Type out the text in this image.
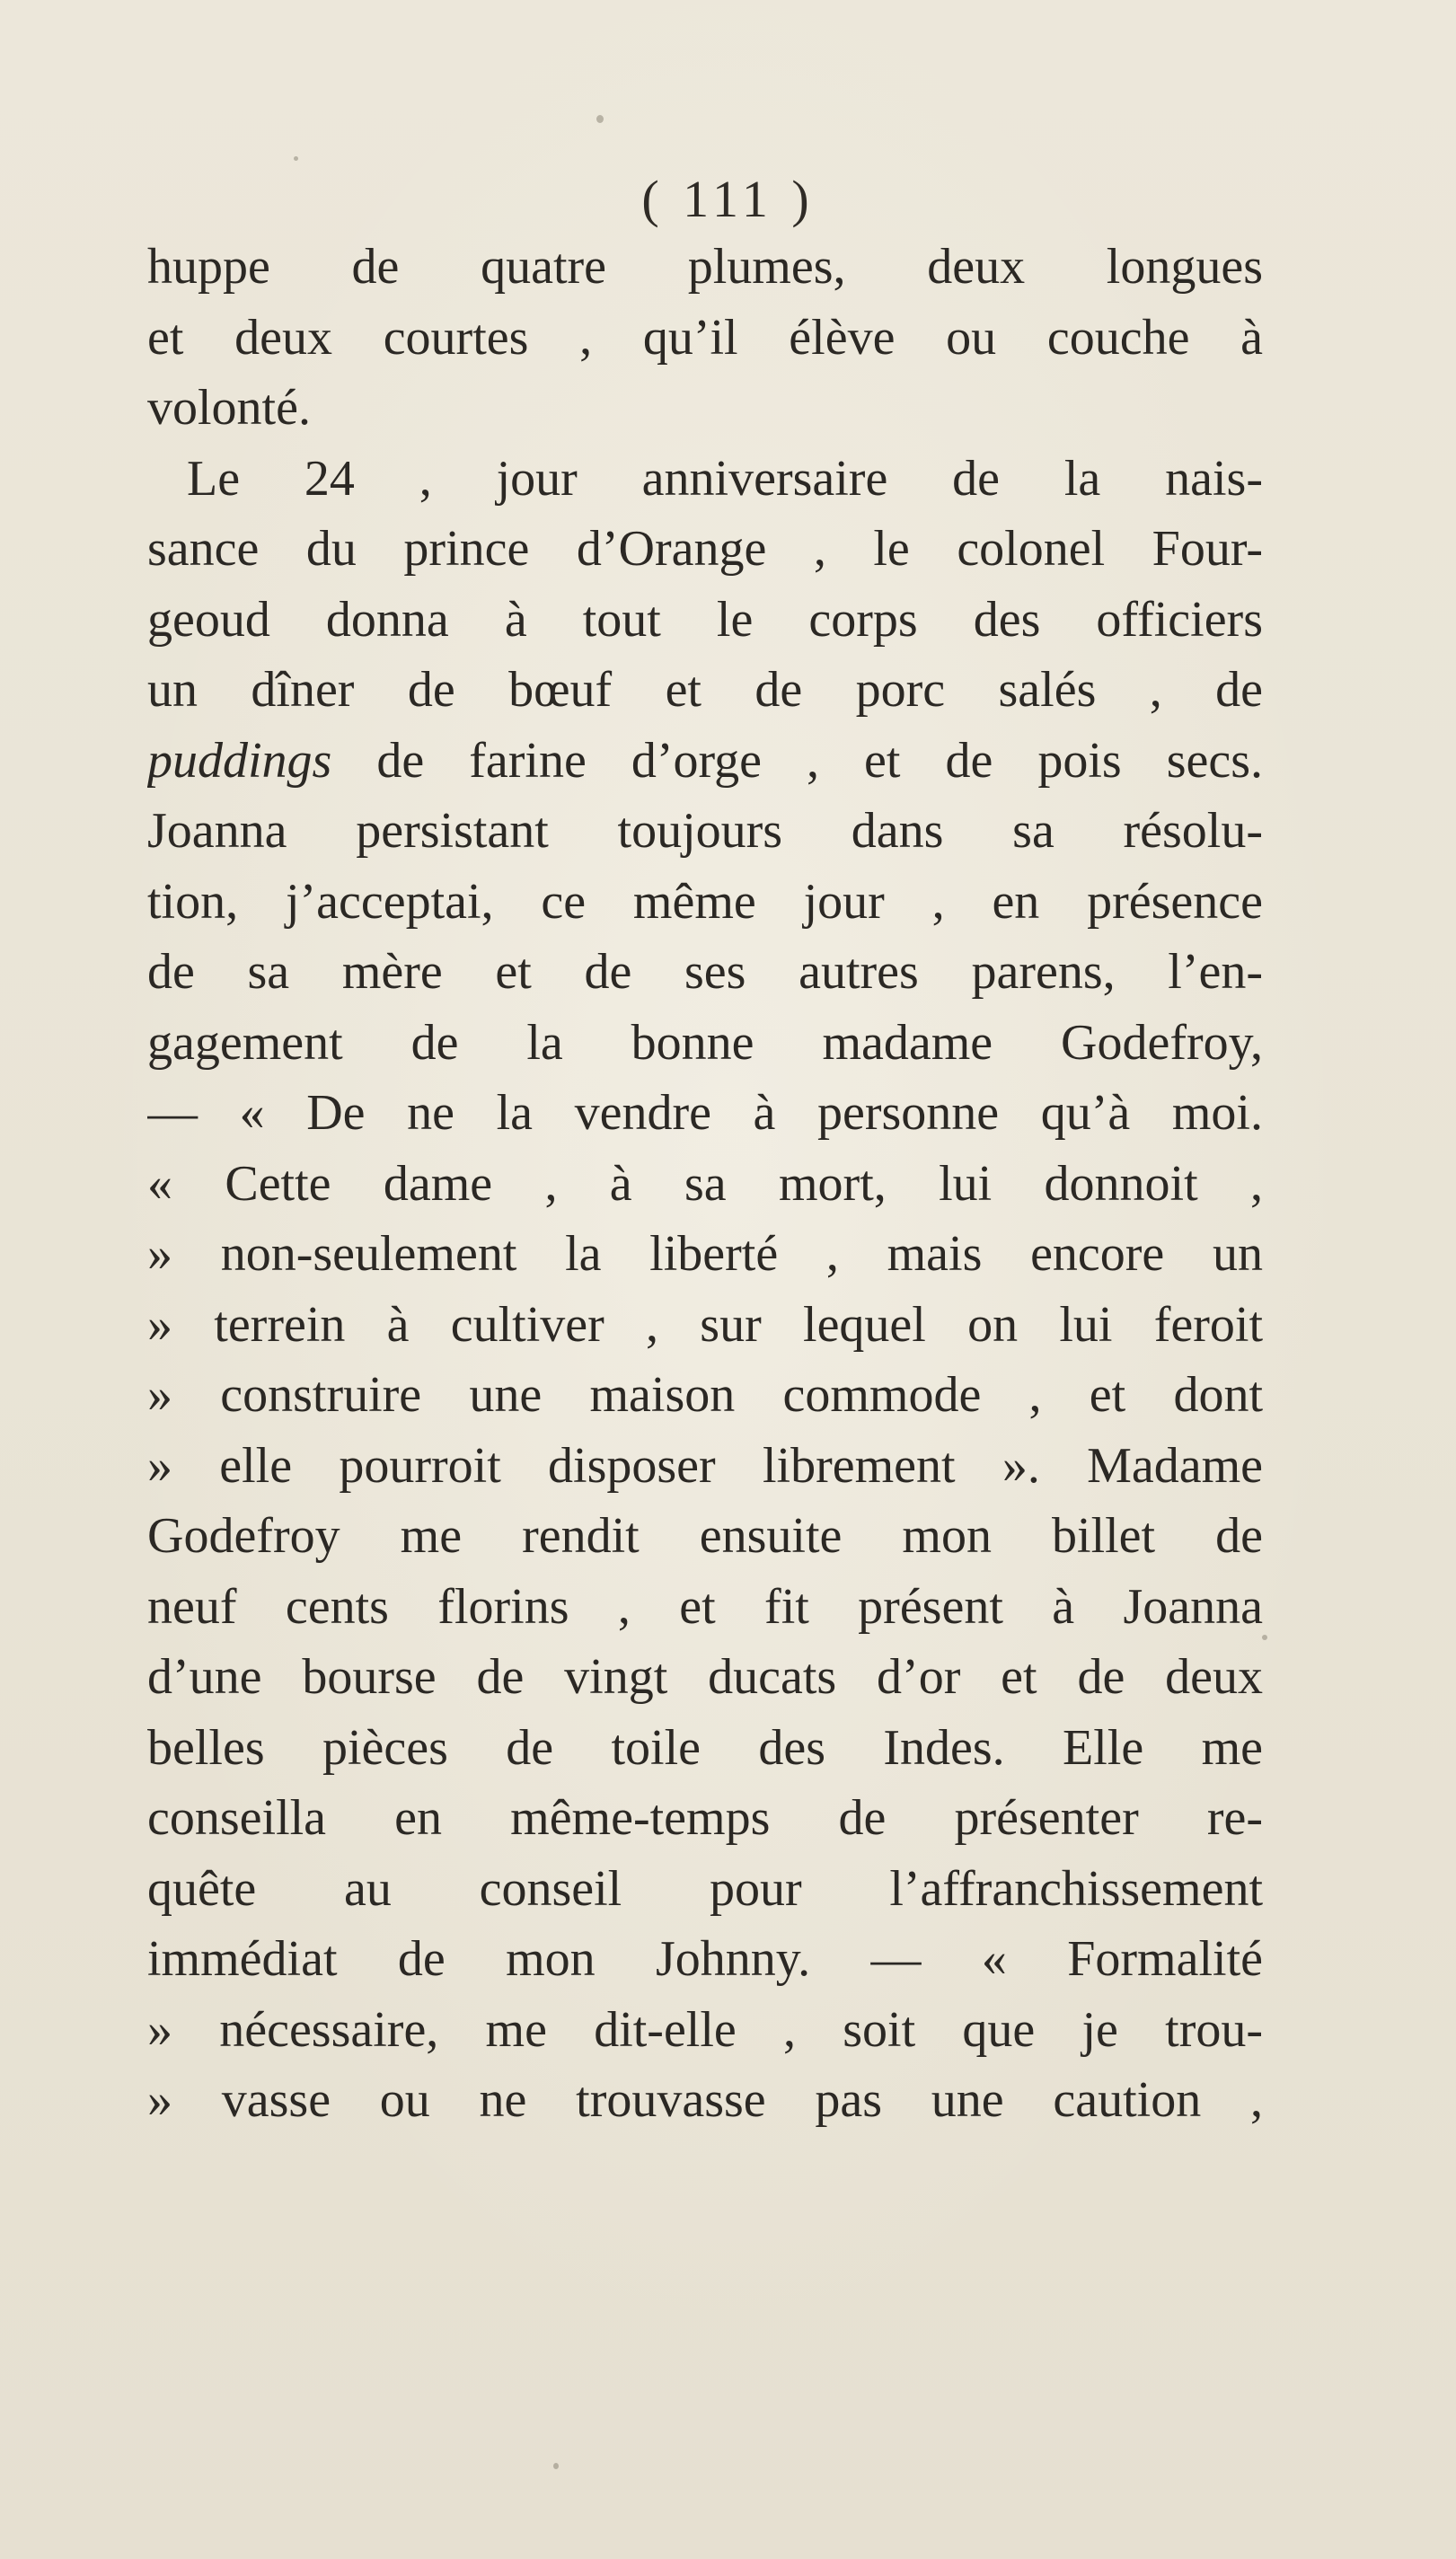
( 111 )
huppe de quatre plumes, deux longues
et deux courtes , qu’il élève ou couche à
volonté.
Le 24 , jour anniversaire de la nais-
sance du prince d’Orange , le colonel Four-
geoud donna à tout le corps des officiers
un dîner de bœuf et de porc salés , de
puddings de farine d’orge , et de pois secs.
Joanna persistant toujours dans sa résolu-
tion, j’acceptai, ce même jour , en présence
de sa mère et de ses autres parens, l’en-
gagement de la bonne madame Godefroy,
— « De ne la vendre à personne qu’à moi.
« Cette dame , à sa mort, lui donnoit ,
» non-seulement la liberté , mais encore un
» terrein à cultiver , sur lequel on lui feroit
» construire une maison commode , et dont
» elle pourroit disposer librement ». Madame
Godefroy me rendit ensuite mon billet de
neuf cents florins , et fit présent à Joanna
d’une bourse de vingt ducats d’or et de deux
belles pièces de toile des Indes. Elle me
conseilla en même-temps de présenter re-
quête au conseil pour l’affranchissement
immédiat de mon Johnny. — « Formalité
» nécessaire, me dit-elle , soit que je trou-
» vasse ou ne trouvasse pas une caution ,
